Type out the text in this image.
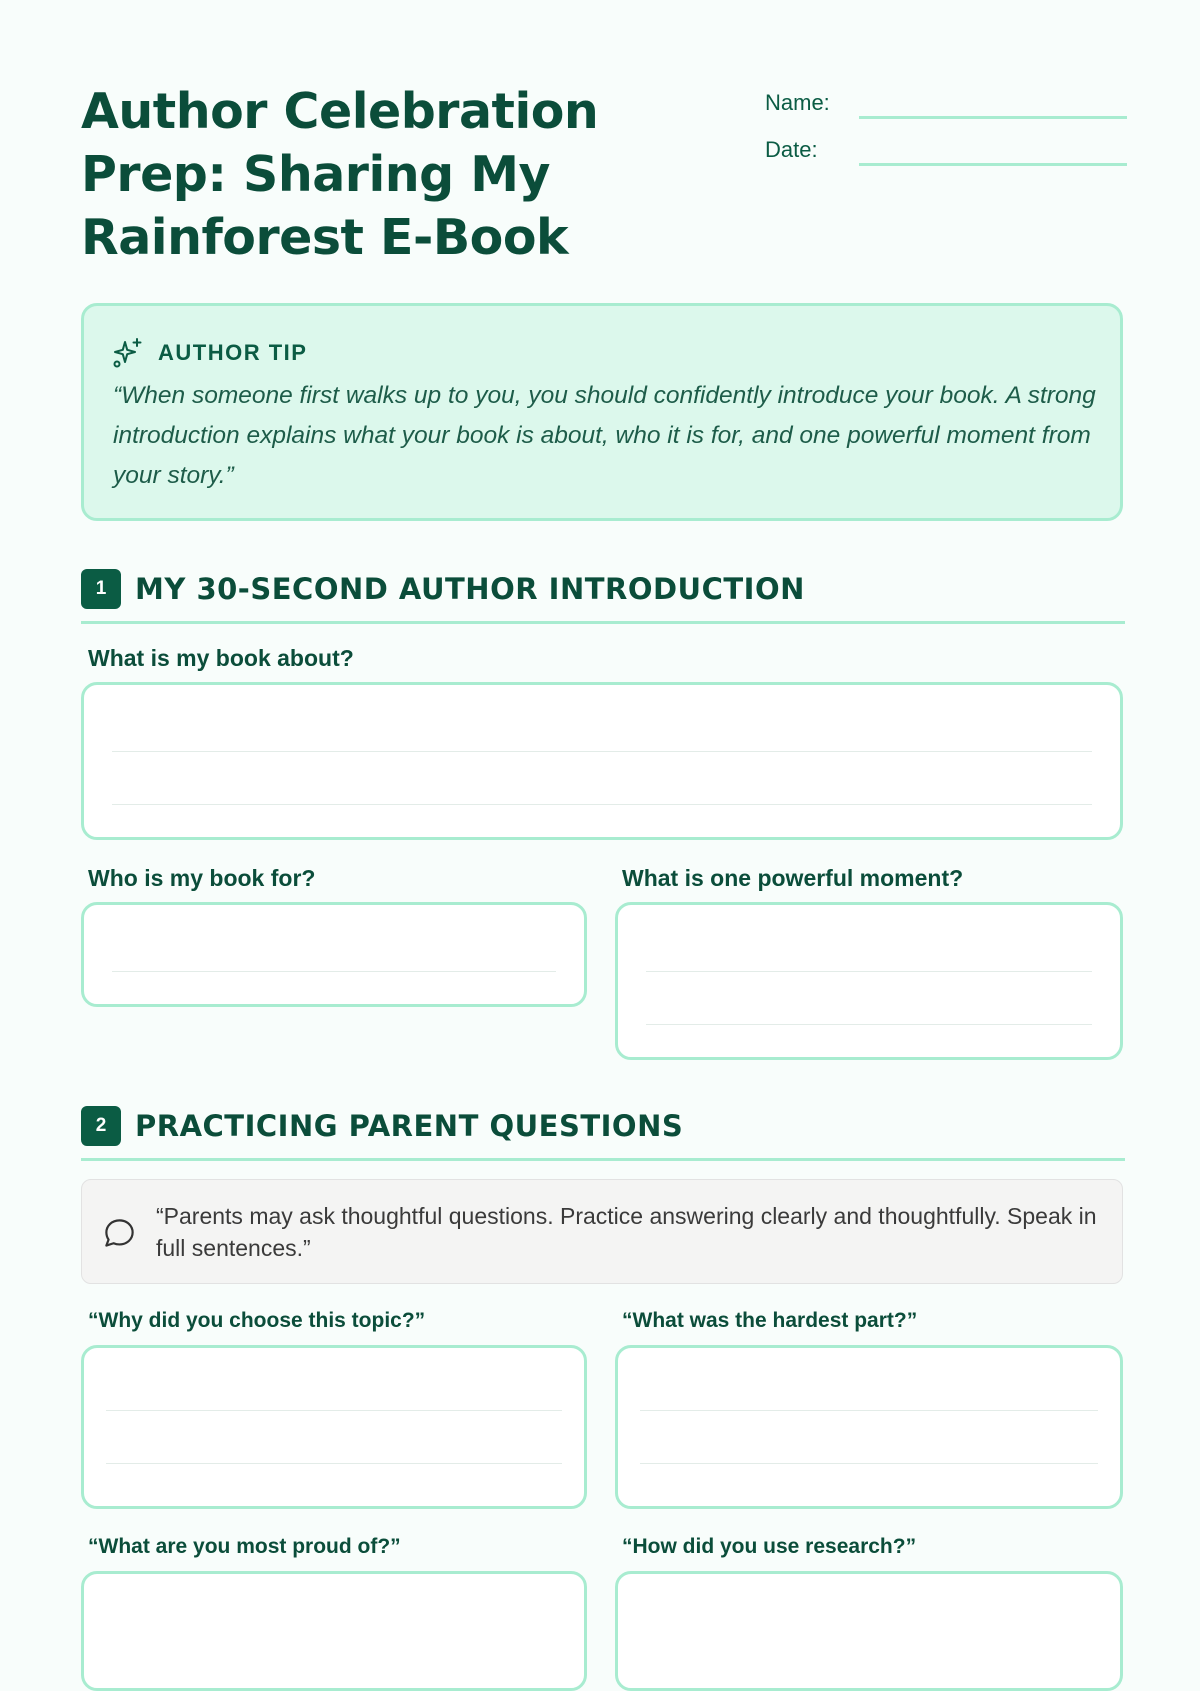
Author Celebration Prep: Sharing My Rainforest E-Book
Name:
Date:
AUTHOR TIP

“When someone first walks up to you, you should confidently introduce your book. A strong introduction explains what your book is about, who it is for, and one powerful moment from your story.”

1 MY 30-SECOND AUTHOR INTRODUCTION
What is my book about?
Who is my book for?	What is one powerful moment?
2 PRACTICING PARENT QUESTIONS

“Parents may ask thoughtful questions. Practice answering clearly and thoughtfully. Speak in full sentences.”

“Why did you choose this topic?”	“What was the hardest part?”
“What are you most proud of?”	“How did you use research?”
